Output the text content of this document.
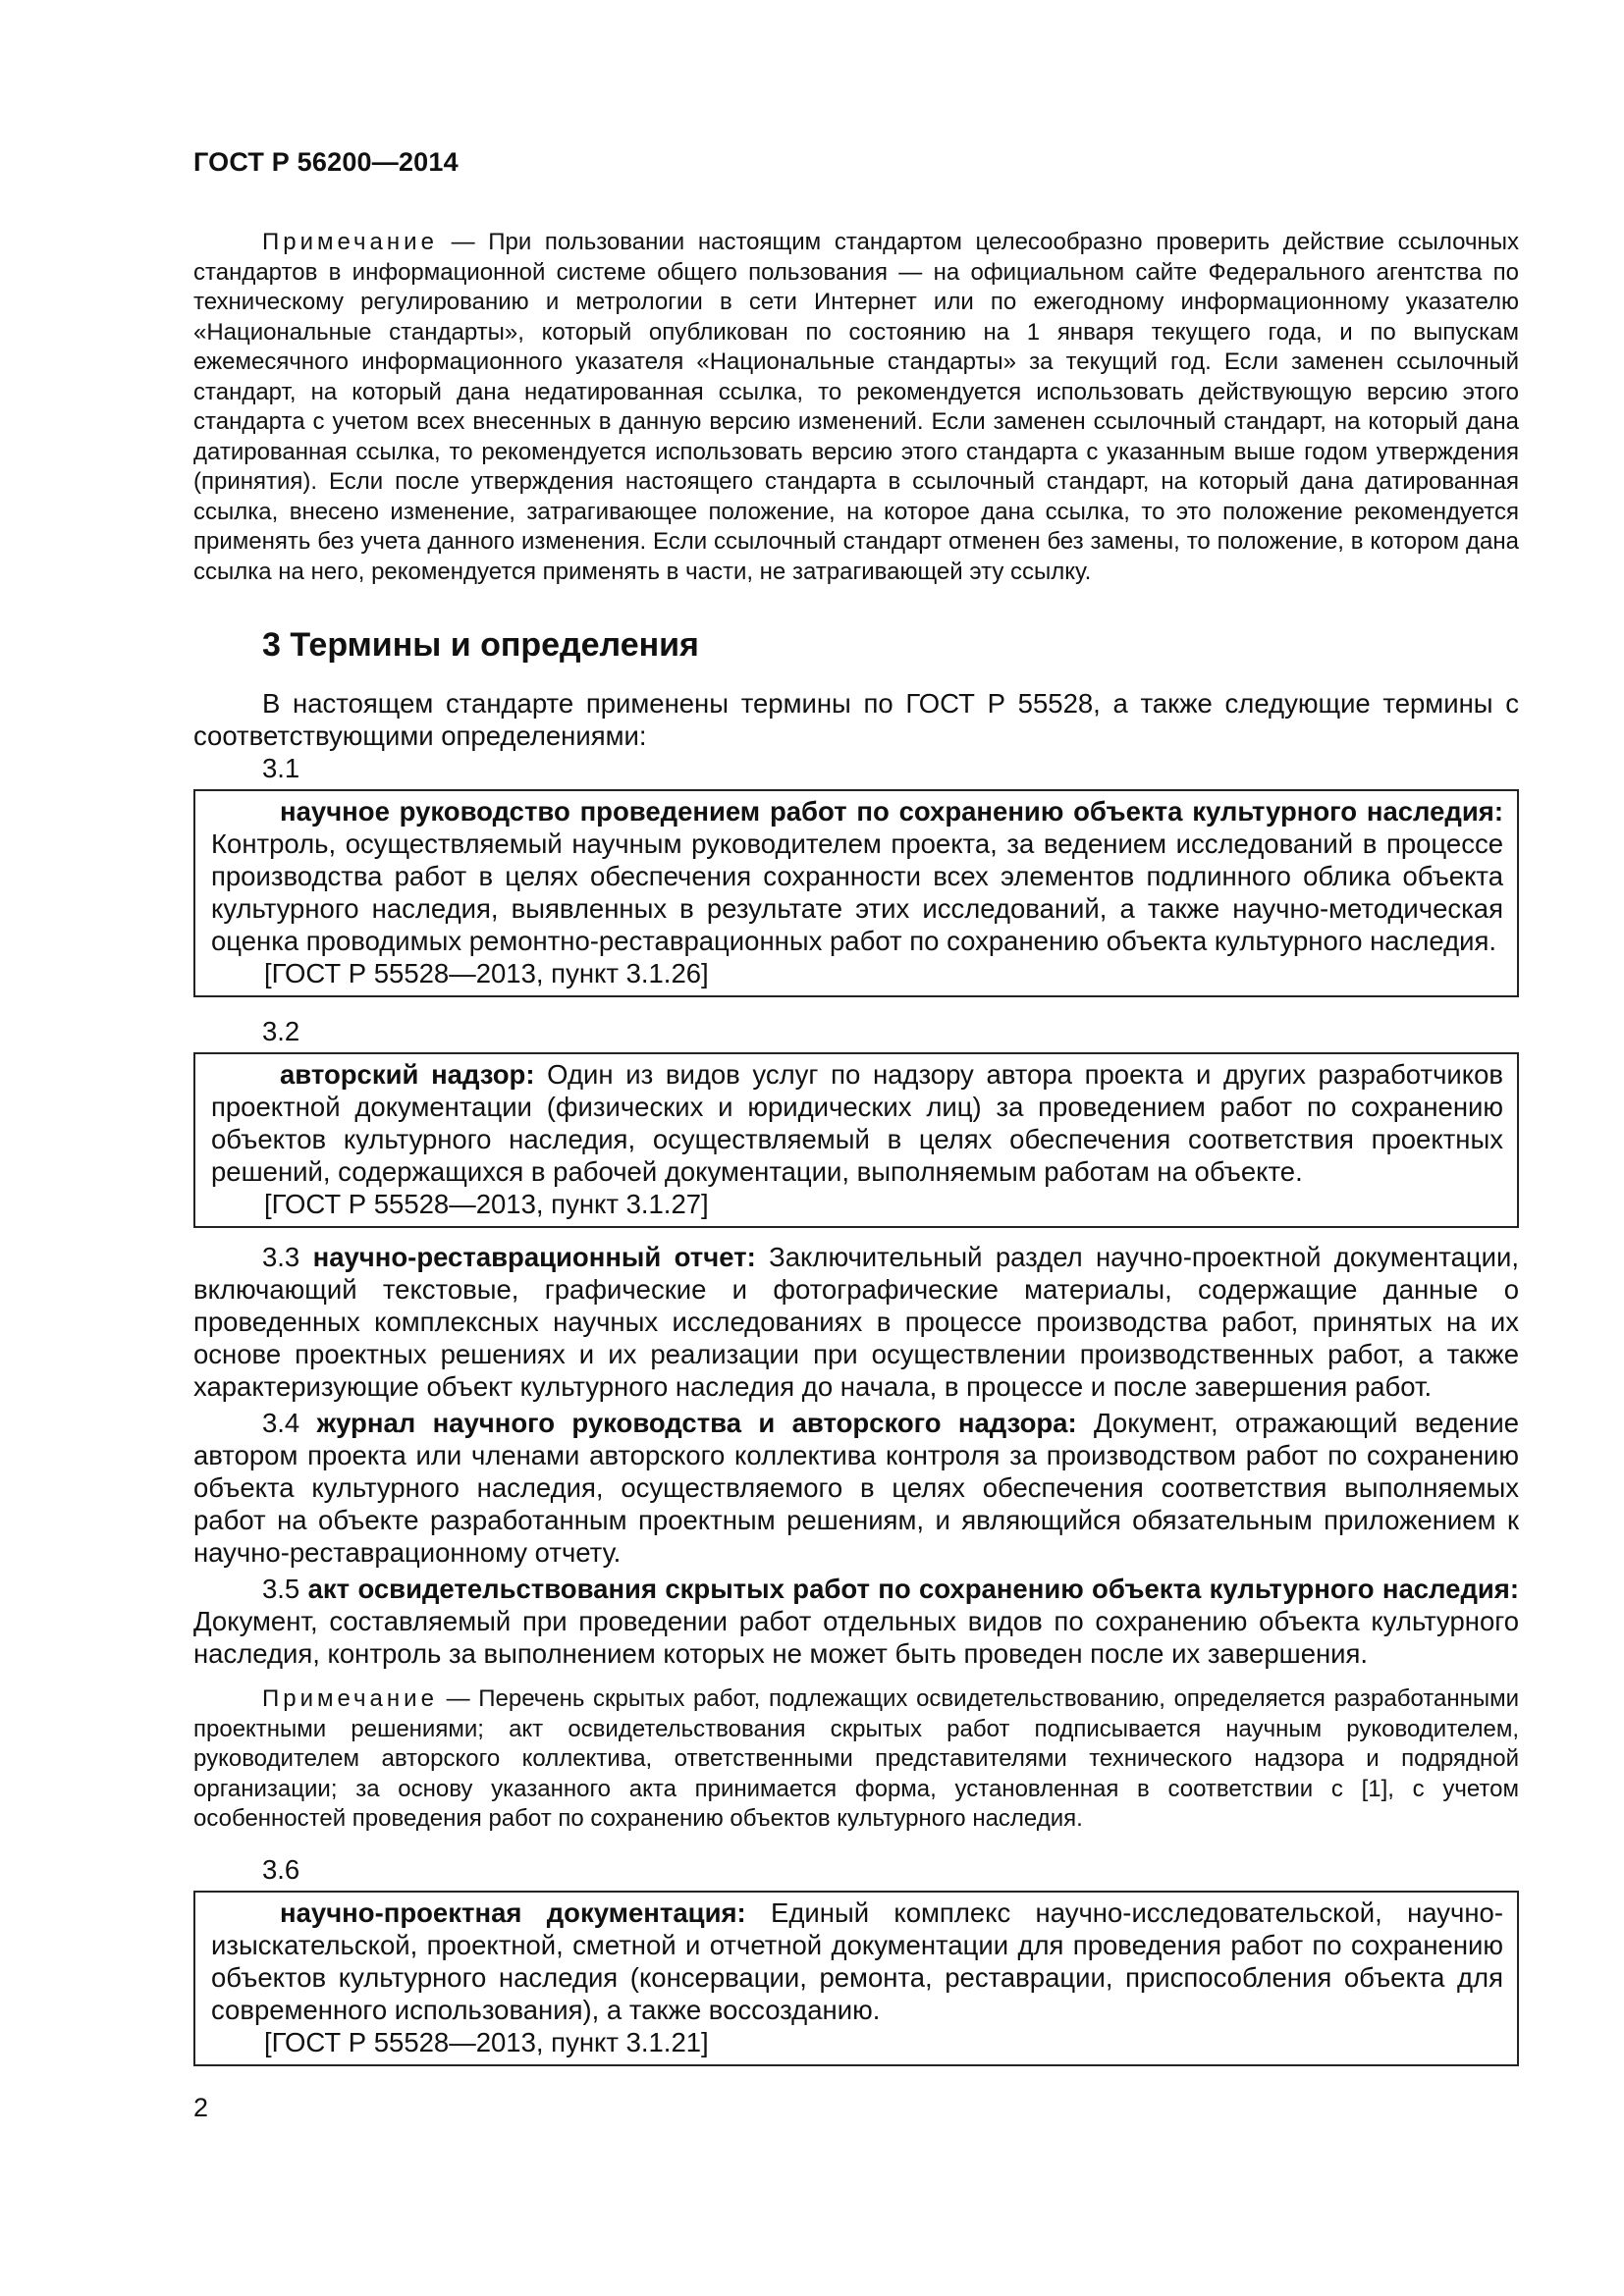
ГОСТ Р 56200—2014

Примечание — При пользовании настоящим стандартом целесообразно проверить действие ссылочных стандартов в информационной системе общего пользования — на официальном сайте Федерального агентства по техническому регулированию и метрологии в сети Интернет или по ежегодному информационному указателю «Национальные стандарты», который опубликован по состоянию на 1 января текущего года, и по выпускам ежемесячного информационного указателя «Национальные стандарты» за текущий год. Если заменен ссылочный стандарт, на который дана недатированная ссылка, то рекомендуется использовать действующую версию этого стандарта с учетом всех внесенных в данную версию изменений. Если заменен ссылочный стандарт, на который дана датированная ссылка, то рекомендуется использовать версию этого стандарта с указанным выше годом утверждения (принятия). Если после утверждения настоящего стандарта в ссылочный стандарт, на который дана датированная ссылка, внесено изменение, затрагивающее положение, на которое дана ссылка, то это положение рекомендуется применять без учета данного изменения. Если ссылочный стандарт отменен без замены, то положение, в котором дана ссылка на него, рекомендуется применять в части, не затрагивающей эту ссылку.

3 Термины и определения

В настоящем стандарте применены термины по ГОСТ Р 55528, а также следующие термины с соответствующими определениями:

3.1

научное руководство проведением работ по сохранению объекта культурного наследия: Контроль, осуществляемый научным руководителем проекта, за ведением исследований в процессе производства работ в целях обеспечения сохранности всех элементов подлинного облика объекта культурного наследия, выявленных в результате этих исследований, а также научно-методическая оценка проводимых ремонтно-реставрационных работ по сохранению объекта культурного наследия.

[ГОСТ Р 55528—2013, пункт 3.1.26]

3.2

авторский надзор: Один из видов услуг по надзору автора проекта и других разработчиков проектной документации (физических и юридических лиц) за проведением работ по сохранению объектов культурного наследия, осуществляемый в целях обеспечения соответствия проектных решений, содержащихся в рабочей документации, выполняемым работам на объекте.

[ГОСТ Р 55528—2013, пункт 3.1.27]

3.3 научно-реставрационный отчет: Заключительный раздел научно-проектной документации, включающий текстовые, графические и фотографические материалы, содержащие данные о проведенных комплексных научных исследованиях в процессе производства работ, принятых на их основе проектных решениях и их реализации при осуществлении производственных работ, а также характеризующие объект культурного наследия до начала, в процессе и после завершения работ.

3.4 журнал научного руководства и авторского надзора: Документ, отражающий ведение автором проекта или членами авторского коллектива контроля за производством работ по сохранению объекта культурного наследия, осуществляемого в целях обеспечения соответствия выполняемых работ на объекте разработанным проектным решениям, и являющийся обязательным приложением к научно-реставрационному отчету.

3.5 акт освидетельствования скрытых работ по сохранению объекта культурного наследия: Документ, составляемый при проведении работ отдельных видов по сохранению объекта культурного наследия, контроль за выполнением которых не может быть проведен после их завершения.

Примечание — Перечень скрытых работ, подлежащих освидетельствованию, определяется разработанными проектными решениями; акт освидетельствования скрытых работ подписывается научным руководителем, руководителем авторского коллектива, ответственными представителями технического надзора и подрядной организации; за основу указанного акта принимается форма, установленная в соответствии с [1], с учетом особенностей проведения работ по сохранению объектов культурного наследия.

3.6

научно-проектная документация: Единый комплекс научно-исследовательской, научно-изыскательской, проектной, сметной и отчетной документации для проведения работ по сохранению объектов культурного наследия (консервации, ремонта, реставрации, приспособления объекта для современного использования), а также воссозданию.

[ГОСТ Р 55528—2013, пункт 3.1.21]

2
